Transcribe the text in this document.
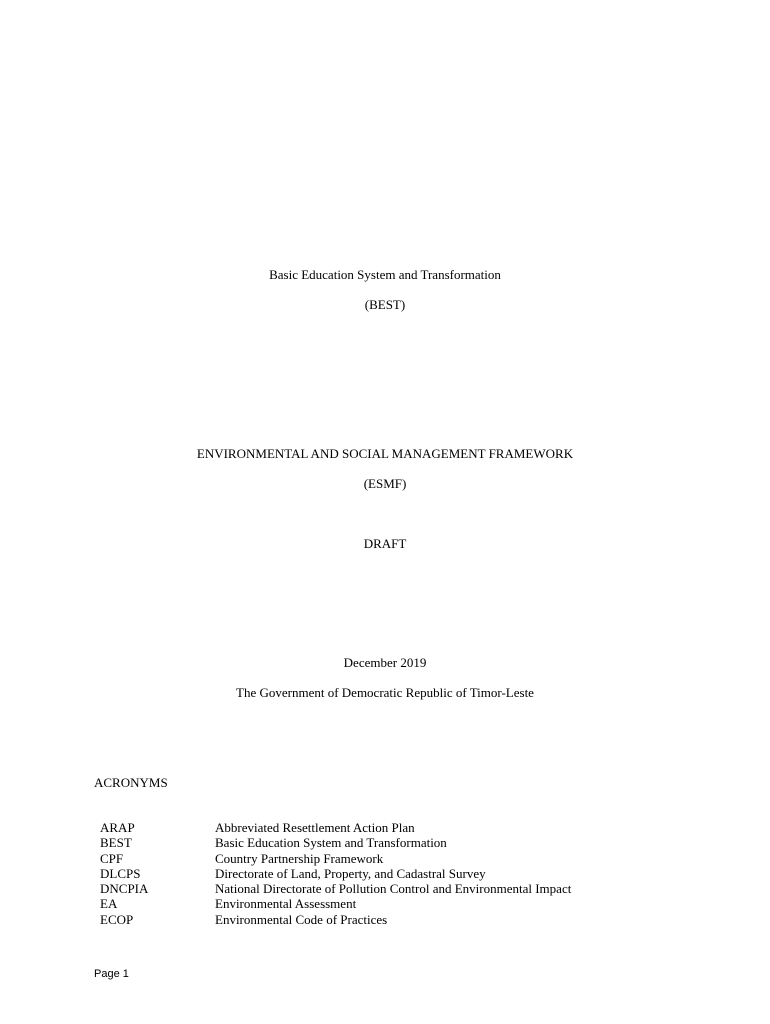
Basic Education System and Transformation
(BEST)
ENVIRONMENTAL AND SOCIAL MANAGEMENT FRAMEWORK
(ESMF)
DRAFT
December 2019
The Government of Democratic Republic of Timor-Leste
ACRONYMS
ARAP	Abbreviated Resettlement Action Plan
BEST	Basic Education System and Transformation
CPF	Country Partnership Framework
DLCPS	Directorate of Land, Property, and Cadastral Survey
DNCPIA	National Directorate of Pollution Control and Environmental Impact
EA	Environmental Assessment
ECOP	Environmental Code of Practices
Page 1
